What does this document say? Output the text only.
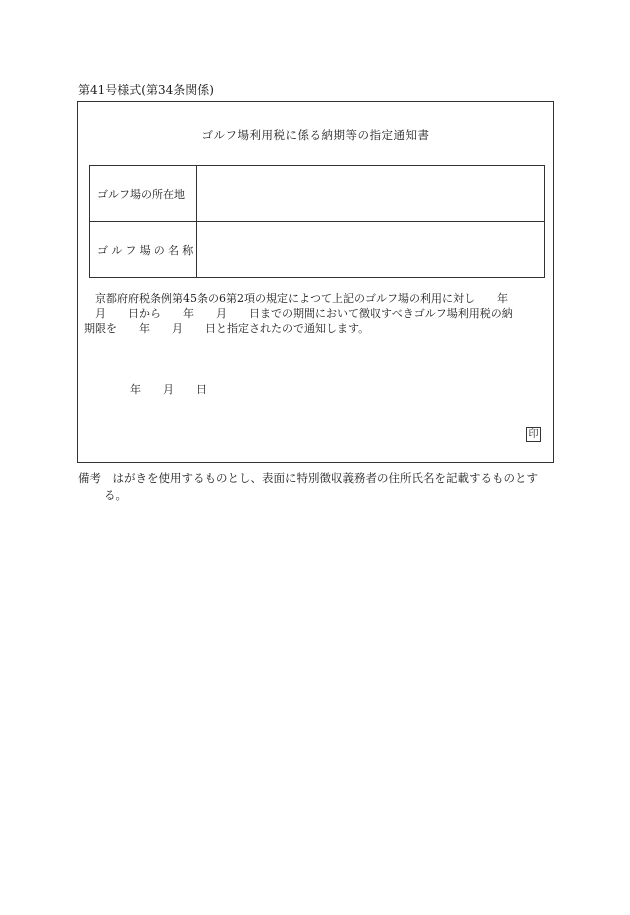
第41号様式(第34条関係)
ゴルフ場利用税に係る納期等の指定通知書
ゴルフ場の所在地
ゴルフ場の名称
　京都府府税条例第45条の6第2項の規定によつて上記のゴルフ場の利用に対し　　年
　月　　日から　　年　　月　　日までの期間において徴収すべきゴルフ場利用税の納
期限を　　年　　月　　日と指定されたので通知します。
年　　月　　日
印
備考　はがきを使用するものとし、表面に特別徴収義務者の住所氏名を記載するものとす
る。
